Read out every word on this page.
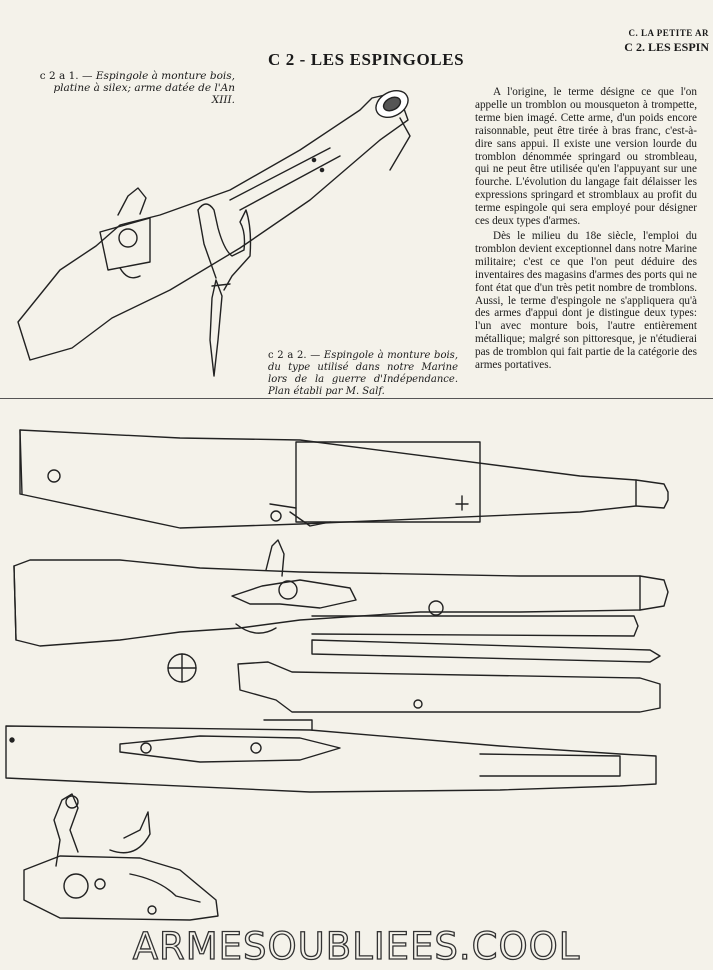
C. LA PETITE AR
C 2. LES ESPIN
C 2 - LES ESPINGOLES
c 2 a 1. — Espingole à monture bois, platine à silex; arme datée de l'An XIII.
c 2 a 2. — Espingole à monture bois, du type utilisé dans notre Marine lors de la guerre d'Indépendance. Plan établi par M. Salf.

A l'origine, le terme désigne ce que l'on appelle un tromblon ou mousqueton à trompette, terme bien imagé. Cette arme, d'un poids encore raisonnable, peut être tirée à bras franc, c'est-à-dire sans appui. Il existe une version lourde du tromblon dénommée springard ou strombleau, qui ne peut être utilisée qu'en l'appuyant sur une fourche. L'évolution du langage fait délaisser les expressions springard et stromblaux au profit du terme espingole qui sera employé pour désigner ces deux types d'armes.

Dès le milieu du 18e siècle, l'emploi du tromblon devient exceptionnel dans notre Marine militaire; c'est ce que l'on peut déduire des inventaires des magasins d'armes des ports qui ne font état que d'un très petit nombre de tromblons. Aussi, le terme d'espingole ne s'appliquera qu'à des armes d'appui dont je distingue deux types: l'un avec monture bois, l'autre entièrement métallique; malgré son pittoresque, je n'étudierai pas de tromblon qui fait partie de la catégorie des armes portatives.

ARMESOUBLIEES.COOL
